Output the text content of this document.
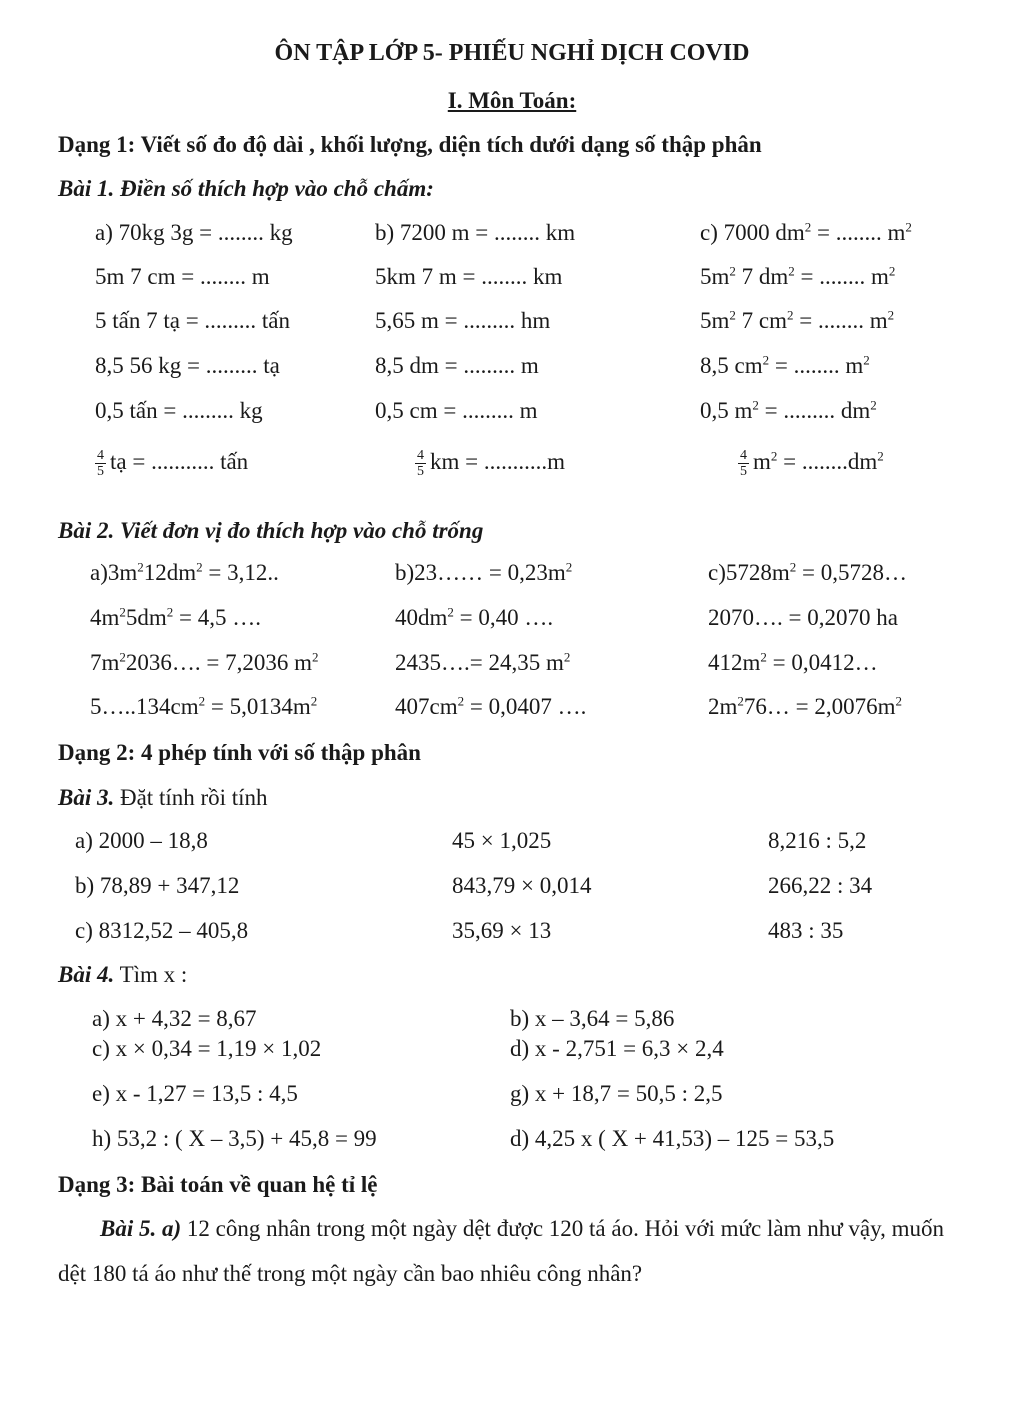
ÔN TẬP LỚP 5- PHIẾU NGHỈ DỊCH COVID
I. Môn Toán:
Dạng 1: Viết số đo độ dài , khối lượng, diện tích dưới dạng số thập phân
Bài 1. Điền số thích hợp vào chỗ chấm:
a) 70kg 3g = ........ kg	b) 7200 m = ........ km	c) 7000 $dm^2$ = ........ $m^2$
5m 7 cm = ........ m	5km 7 m = ........ km	$5m^2$ 7 $dm^2$ = ........ $m^2$
5 tấn 7 tạ = ......... tấn	5,65 m = ......... hm	$5m^2$ 7 $cm^2$ = ........ $m^2$
8,5 56 kg = ......... tạ	8,5 dm = ......... m	8,5 $cm^2$ = ........ $m^2$
0,5 tấn = ......... kg	0,5 cm = ......... m	0,5 $m^2$ = ......... $dm^2$
$\frac{4}{5}$ tạ = ........... tấn	$\frac{4}{5}$ km = ...........m	$\frac{4}{5} m^2 = ........dm^2$
Bài 2. Viết đơn vị đo thích hợp vào chỗ trống
$a)3m^212dm^2 = 3,12$..	b)23…… = $0,23m^2$	$c)5728m^2$ = 0,5728…
$4m^25dm^2 = 4,5$ ….	$40dm^2 = 0,40$ ….	2070…. = 0,2070 ha
$7m^22036\dots$. = 7,2036 $m^2$	2435….= 24,35 $m^2$	$412m^2$ = 0,0412…
$5\dots..134cm^2 = 5,0134m^2$	$407cm^2 = 0,0407$ ….	$2m^276\dots = 2,0076m^2$
Dạng 2: 4 phép tính với số thập phân
Bài 3. Đặt tính rồi tính
a) 2000 – 18,8	45 × 1,025	8,216 : 5,2
b) 78,89 + 347,12	843,79 × 0,014	266,22 : 34
c) 8312,52 – 405,8	35,69 × 13	483 : 35
Bài 4. Tìm x :
a) x + 4,32 = 8,67	b) x – 3,64 = 5,86
c) x × 0,34 = 1,19 × 1,02	d) x - 2,751 = 6,3 × 2,4
e) x - 1,27 = 13,5 : 4,5	g) x + 18,7 = 50,5 : 2,5
h) 53,2 : ( X – 3,5) + 45,8 = 99	d) 4,25 x ( X + 41,53) – 125 = 53,5
Dạng 3: Bài toán về quan hệ tỉ lệ
Bài 5. a) 12 công nhân trong một ngày dệt được 120 tá áo. Hỏi với mức làm như vậy, muốn dệt 180 tá áo như thế trong một ngày cần bao nhiêu công nhân?
